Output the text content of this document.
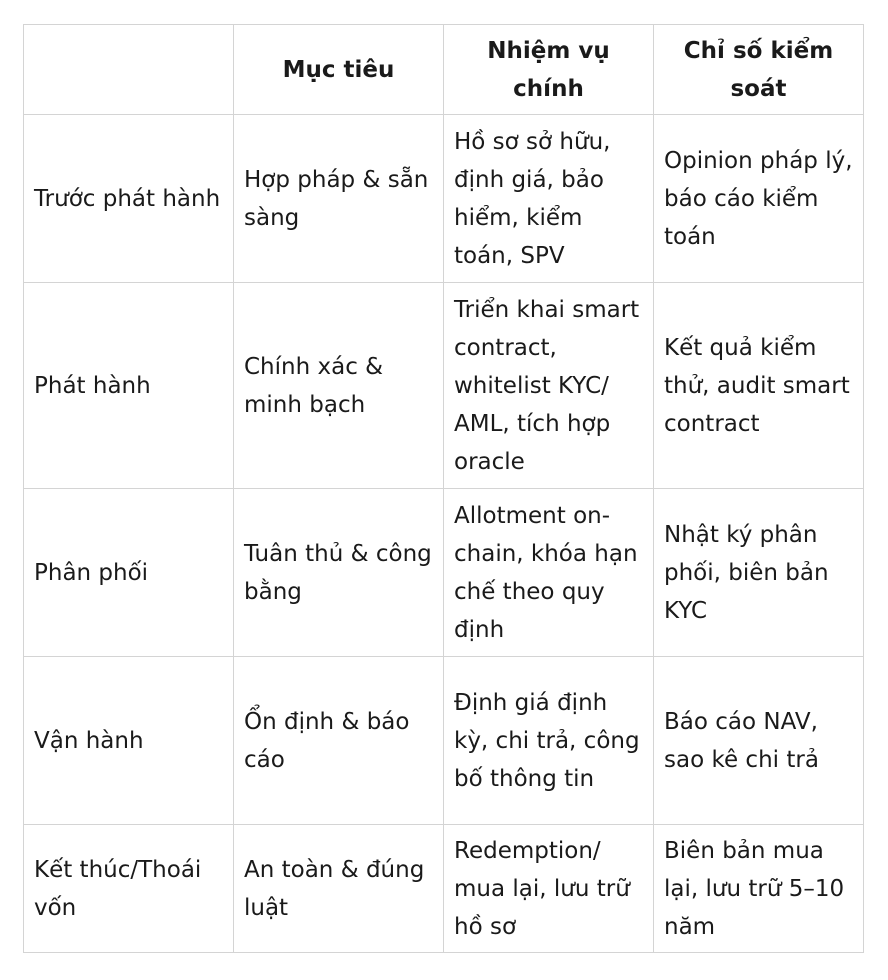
	Mục tiêu	Nhiệm vụ chính	Chỉ số kiểm soát
Trước phát hành	Hợp pháp & sẵn sàng	Hồ sơ sở hữu, định giá, bảo hiểm, kiểm toán, SPV	Opinion pháp lý, báo cáo kiểm toán
Phát hành	Chính xác & minh bạch	Triển khai smart contract, whitelist KYC/ AML, tích hợp oracle	Kết quả kiểm thử, audit smart contract
Phân phối	Tuân thủ & công bằng	Allotment on-chain, khóa hạn chế theo quy định	Nhật ký phân phối, biên bản KYC
Vận hành	Ổn định & báo cáo	Định giá định kỳ, chi trả, công bố thông tin	Báo cáo NAV, sao kê chi trả
Kết thúc/Thoái vốn	An toàn & đúng luật	Redemption/ mua lại, lưu trữ hồ sơ	Biên bản mua lại, lưu trữ 5–10 năm
